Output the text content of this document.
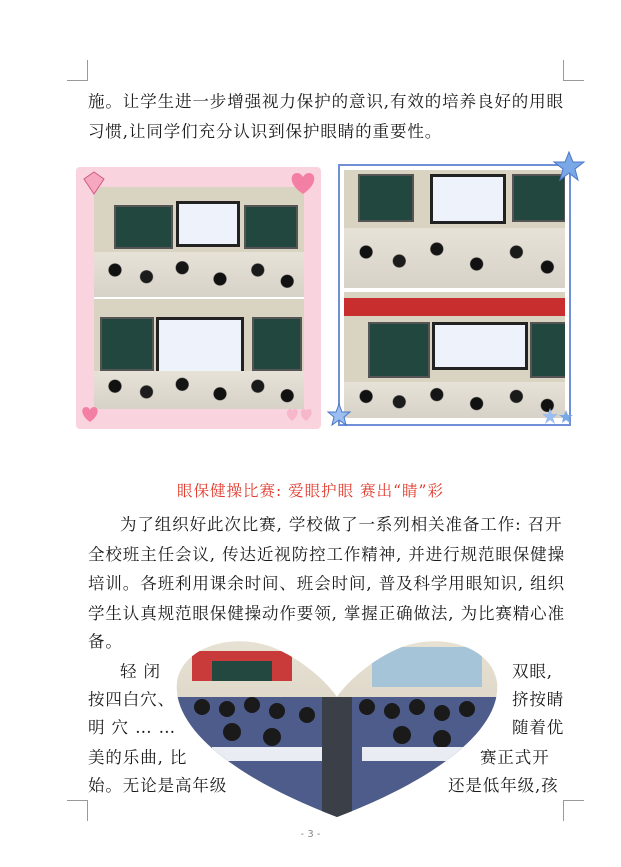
施。让学生进一步增强视力保护的意识,有效的培养良好的用眼
习惯,让同学们充分认识到保护眼睛的重要性。
眼保健操比赛: 爱眼护眼 赛出“睛”彩
为了组织好此次比赛, 学校做了一系列相关准备工作: 召开
全校班主任会议, 传达近视防控工作精神, 并进行规范眼保健操
培训。各班利用课余时间、班会时间, 普及科学用眼知识, 组织
学生认真规范眼保健操动作要领, 掌握正确做法, 为比赛精心准
备。
轻 闭
按四白穴、
明 穴 … …
美的乐曲, 比
始。无论是高年级
双眼,
挤按睛
随着优
赛正式开
还是低年级,孩
- 3 -
